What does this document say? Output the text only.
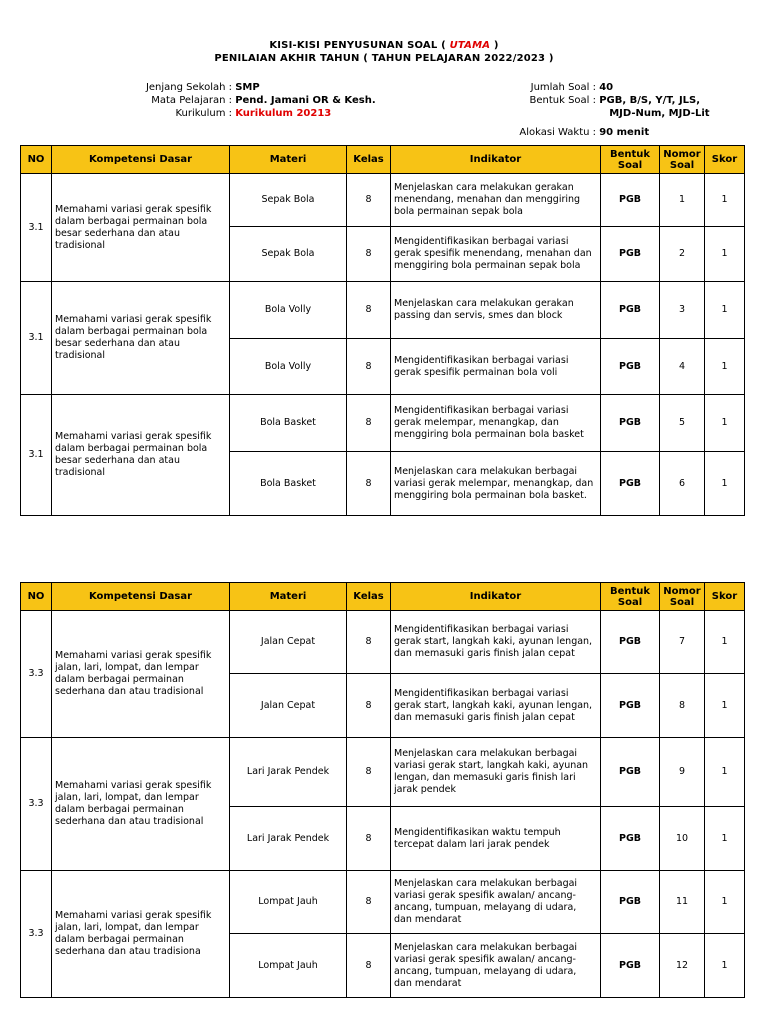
KISI-KISI PENYUSUNAN SOAL ( UTAMA )
PENILAIAN AKHIR TAHUN ( TAHUN PELAJARAN 2022/2023 )
Jenjang Sekolah : SMP
Mata Pelajaran : Pend. Jamani OR & Kesh.
Kurikulum : Kurikulum 20213
Jumlah Soal : 40
Bentuk Soal : PGB, B/S, Y/T, JLS,
MJD-Num, MJD-Lit
Alokasi Waktu : 90 menit
NO	Kompetensi Dasar	Materi	Kelas	Indikator	Bentuk Soal	Nomor Soal	Skor
3.1	Memahami variasi gerak spesifik dalam berbagai permainan bola besar sederhana dan atau tradisional	Sepak Bola	8	Menjelaskan cara melakukan gerakan menendang, menahan dan menggiring bola permainan sepak bola	PGB	1	1
		Sepak Bola	8	Mengidentifikasikan berbagai variasi gerak spesifik menendang, menahan dan menggiring bola permainan sepak bola	PGB	2	1
3.1	Memahami variasi gerak spesifik dalam berbagai permainan bola besar sederhana dan atau tradisional	Bola Volly	8	Menjelaskan cara melakukan gerakan passing dan servis, smes dan block	PGB	3	1
		Bola Volly	8	Mengidentifikasikan berbagai variasi gerak spesifik permainan bola voli	PGB	4	1
3.1	Memahami variasi gerak spesifik dalam berbagai permainan bola besar sederhana dan atau tradisional	Bola Basket	8	Mengidentifikasikan berbagai variasi gerak melempar, menangkap, dan menggiring bola permainan bola basket	PGB	5	1
		Bola Basket	8	Menjelaskan cara melakukan berbagai variasi gerak melempar, menangkap, dan menggiring bola permainan bola basket.	PGB	6	1
NO	Kompetensi Dasar	Materi	Kelas	Indikator	Bentuk Soal	Nomor Soal	Skor
3.3	Memahami variasi gerak spesifik jalan, lari, lompat, dan lempar dalam berbagai permainan sederhana dan atau tradisional	Jalan Cepat	8	Mengidentifikasikan berbagai variasi gerak start, langkah kaki, ayunan lengan, dan memasuki garis finish jalan cepat	PGB	7	1
		Jalan Cepat	8	Mengidentifikasikan berbagai variasi gerak start, langkah kaki, ayunan lengan, dan memasuki garis finish jalan cepat	PGB	8	1
3.3	Memahami variasi gerak spesifik jalan, lari, lompat, dan lempar dalam berbagai permainan sederhana dan atau tradisional	Lari Jarak Pendek	8	Menjelaskan cara melakukan berbagai variasi gerak start, langkah kaki, ayunan lengan, dan memasuki garis finish lari jarak pendek	PGB	9	1
		Lari Jarak Pendek	8	Mengidentifikasikan waktu tempuh tercepat dalam lari jarak pendek	PGB	10	1
3.3	Memahami variasi gerak spesifik jalan, lari, lompat, dan lempar dalam berbagai permainan sederhana dan atau tradisiona	Lompat Jauh	8	Menjelaskan cara melakukan berbagai variasi gerak spesifik awalan/ ancang-ancang, tumpuan, melayang di udara, dan mendarat	PGB	11	1
		Lompat Jauh	8	Menjelaskan cara melakukan berbagai variasi gerak spesifik awalan/ ancang-ancang, tumpuan, melayang di udara, dan mendarat	PGB	12	1
